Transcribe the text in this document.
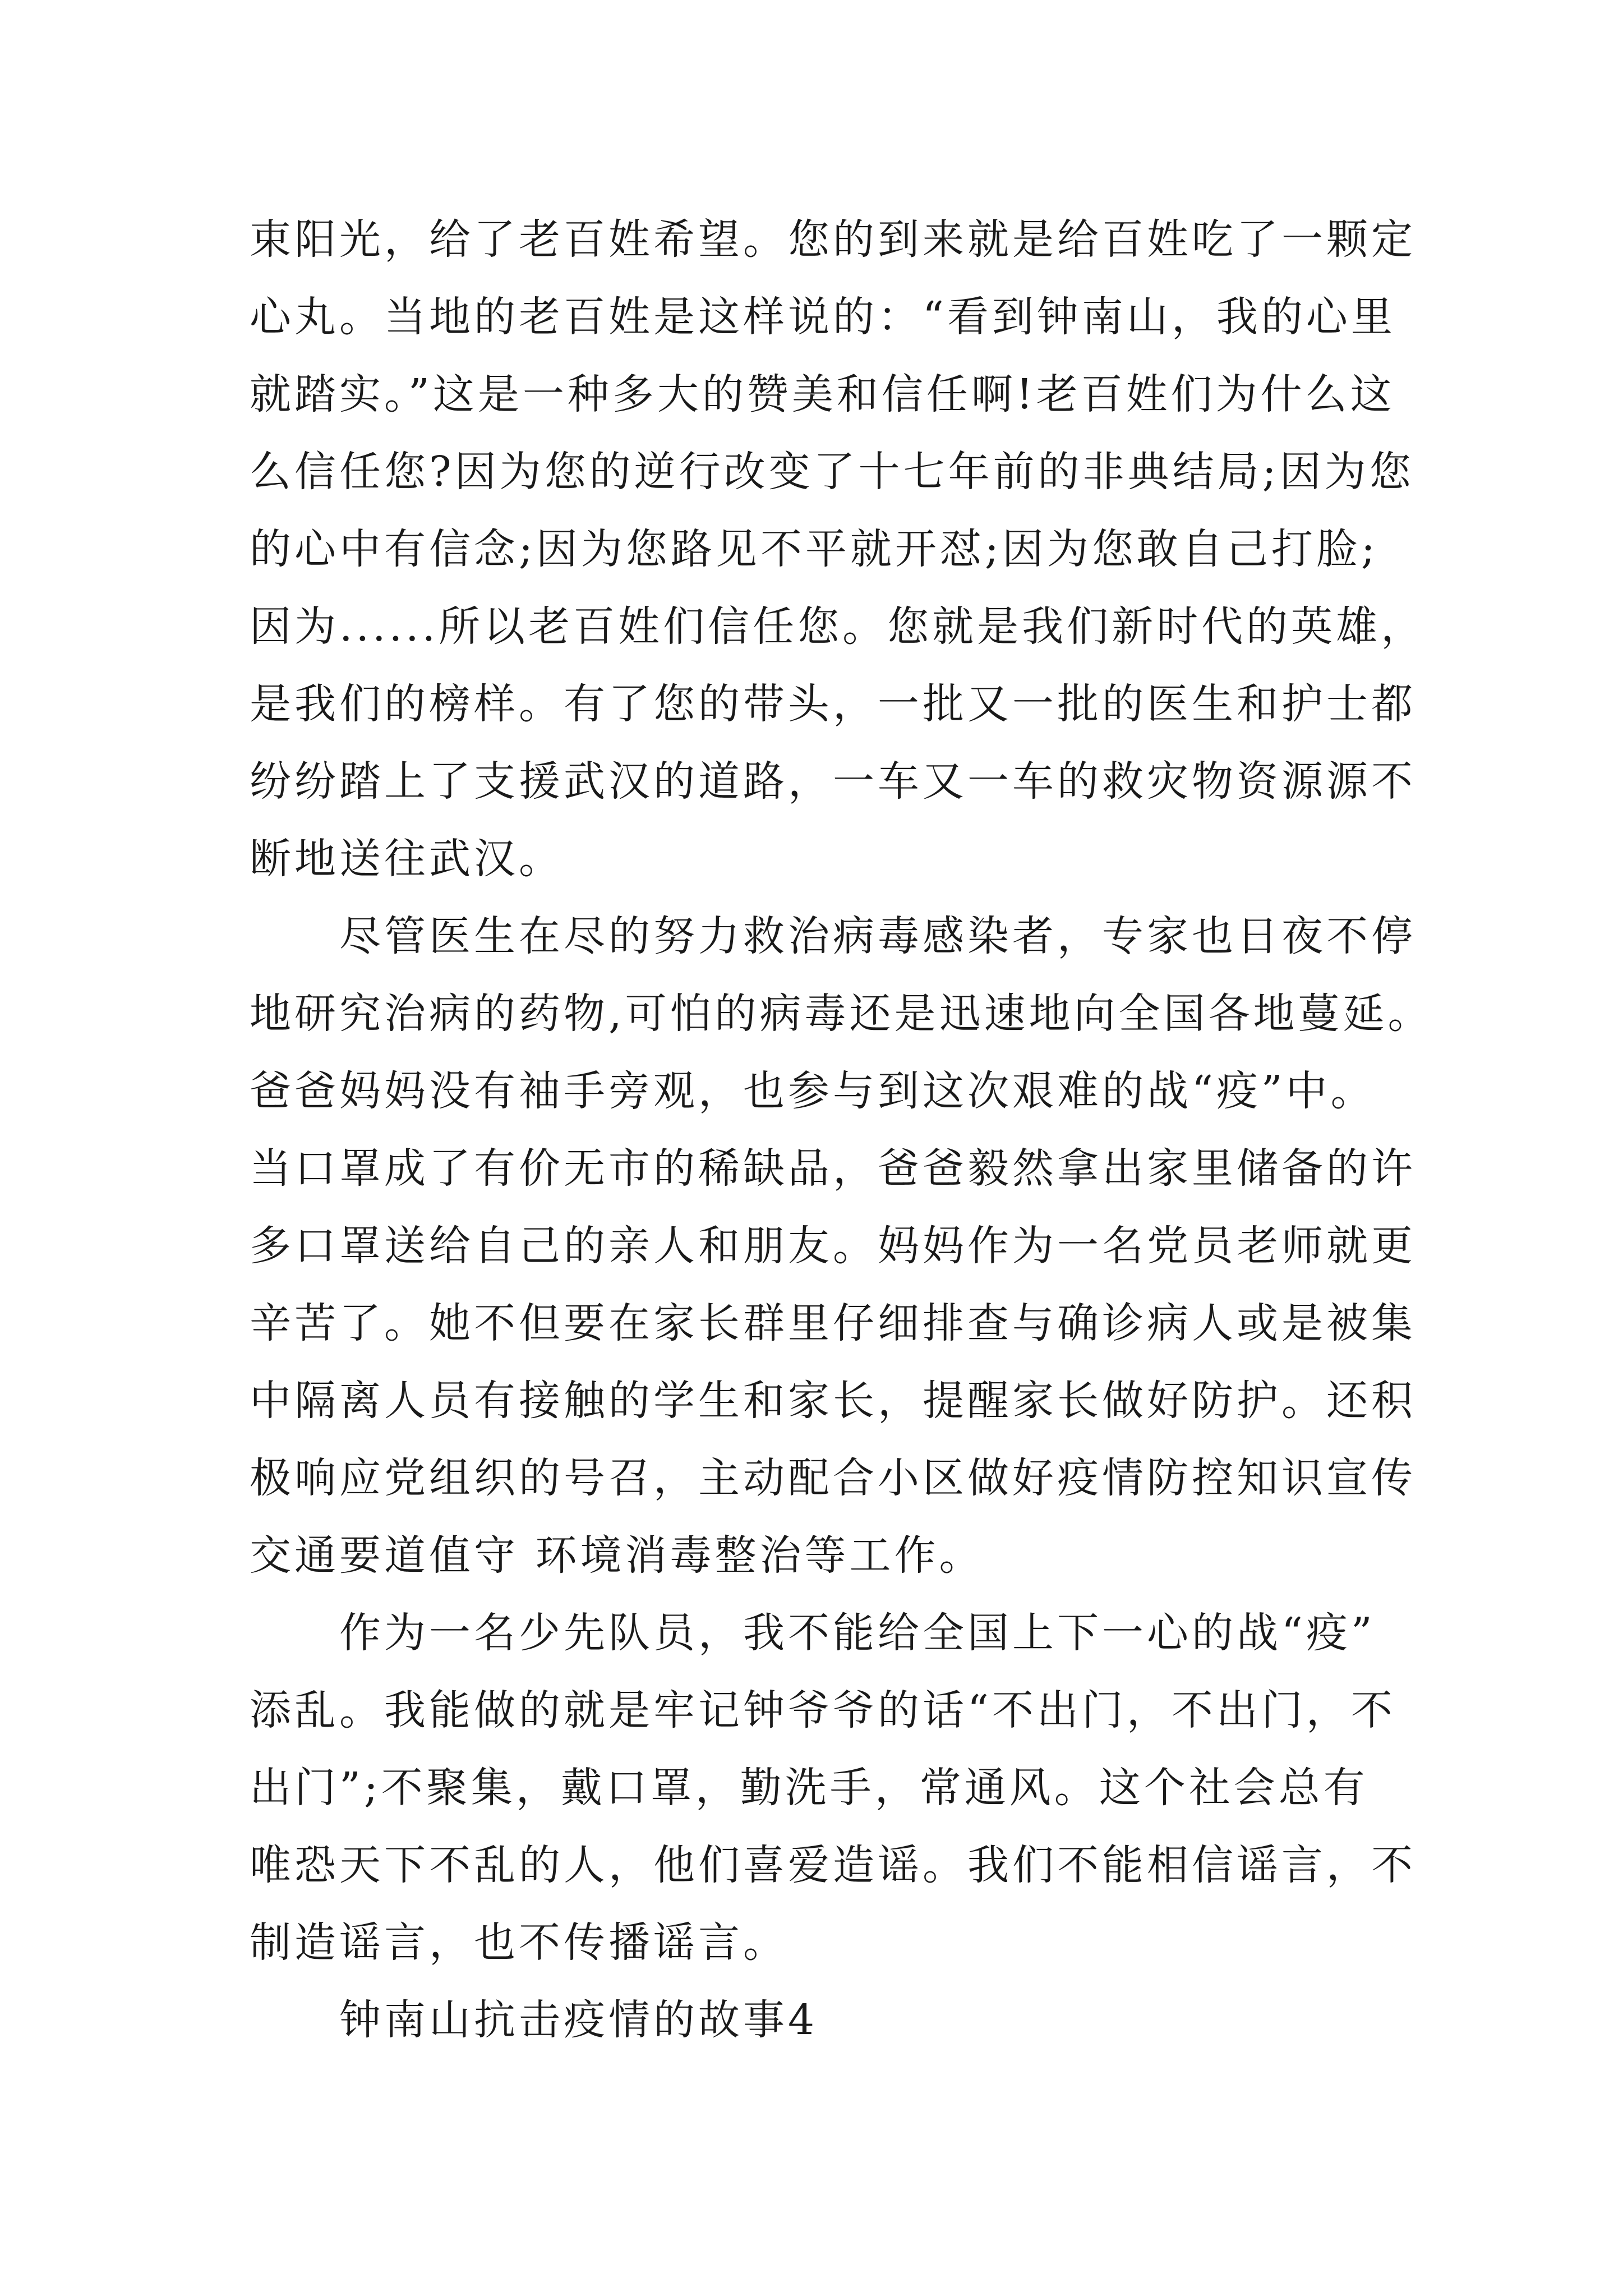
束阳光，给了老百姓希望。您的到来就是给百姓吃了一颗定
心丸。当地的老百姓是这样说的：“看到钟南山，我的心里
就踏实。”这是一种多大的赞美和信任啊!老百姓们为什么这
么信任您?因为您的逆行改变了十七年前的非典结局;因为您
的心中有信念;因为您路见不平就开怼;因为您敢自己打脸;
因为......所以老百姓们信任您。您就是我们新时代的英雄，
是我们的榜样。有了您的带头，一批又一批的医生和护士都
纷纷踏上了支援武汉的道路，一车又一车的救灾物资源源不
断地送往武汉。
尽管医生在尽的努力救治病毒感染者，专家也日夜不停
地研究治病的药物,可怕的病毒还是迅速地向全国各地蔓延。
爸爸妈妈没有袖手旁观，也参与到这次艰难的战“疫”中。
当口罩成了有价无市的稀缺品，爸爸毅然拿出家里储备的许
多口罩送给自己的亲人和朋友。妈妈作为一名党员老师就更
辛苦了。她不但要在家长群里仔细排查与确诊病人或是被集
中隔离人员有接触的学生和家长，提醒家长做好防护。还积
极响应党组织的号召，主动配合小区做好疫情防控知识宣传
交通要道值守 环境消毒整治等工作。
作为一名少先队员，我不能给全国上下一心的战“疫”
添乱。我能做的就是牢记钟爷爷的话“不出门，不出门，不
出门”;不聚集，戴口罩，勤洗手，常通风。这个社会总有
唯恐天下不乱的人，他们喜爱造谣。我们不能相信谣言，不
制造谣言，也不传播谣言。
钟南山抗击疫情的故事4
